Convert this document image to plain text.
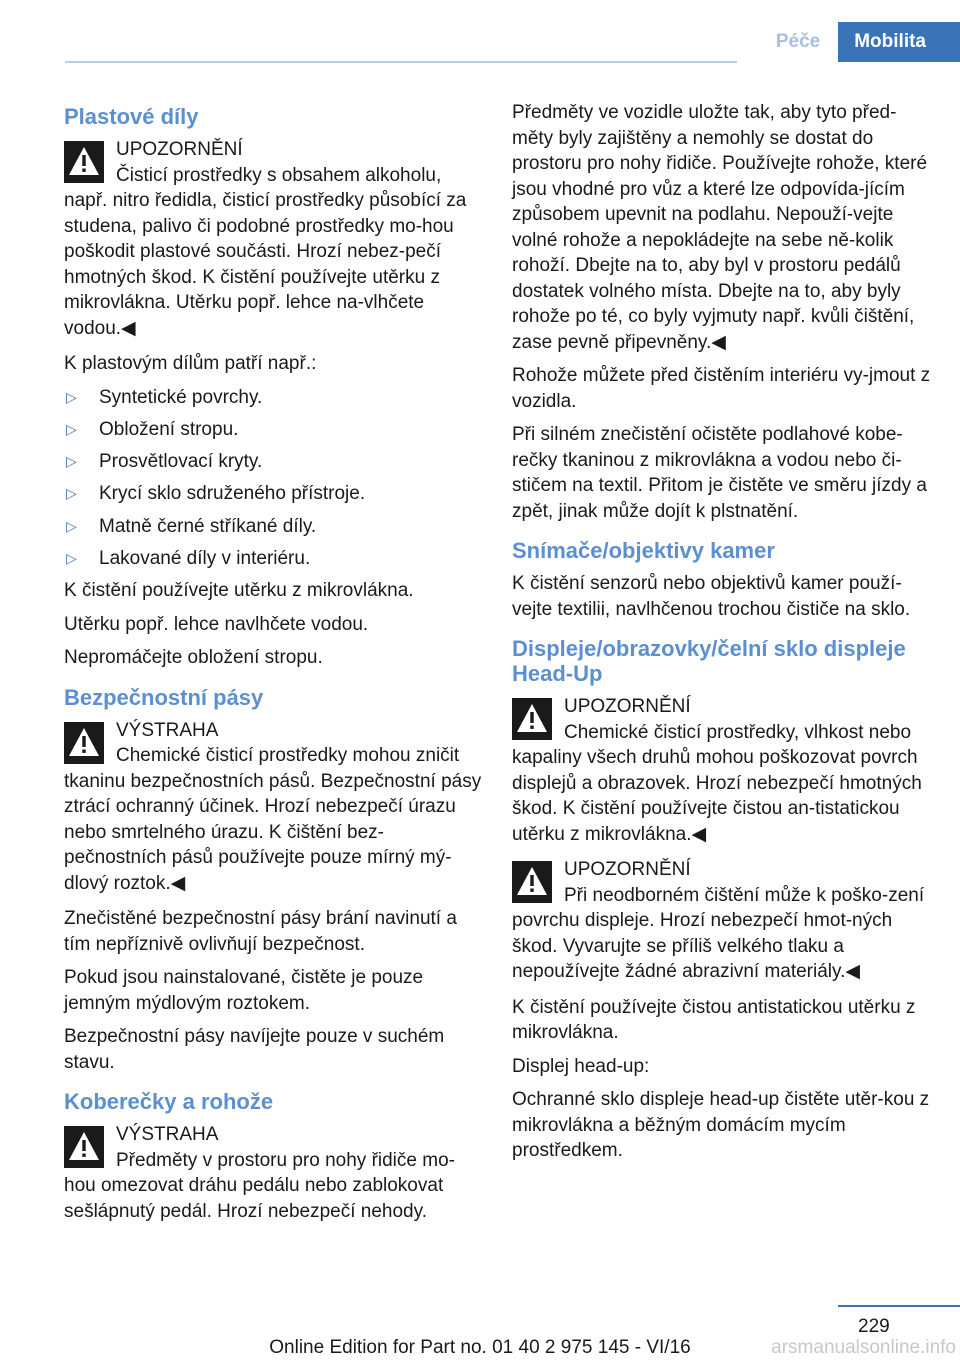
Péče	Mobilita
Plastové díly
UPOZORNĚNÍ
Čisticí prostředky s obsahem alkoholu, např. nitro ředidla, čisticí prostředky působící za studena, palivo či podobné prostředky mo-hou poškodit plastové součásti. Hrozí nebez-pečí hmotných škod. K čistění používejte utěrku z mikrovlákna. Utěrku popř. lehce na-vlhčete vodou.◀

K plastovým dílům patří např.:

▷ Syntetické povrchy.
▷ Obložení stropu.
▷ Prosvětlovací kryty.
▷ Krycí sklo sdruženého přístroje.
▷ Matně černé stříkané díly.
▷ Lakované díly v interiéru.

K čistění používejte utěrku z mikrovlákna.

Utěrku popř. lehce navlhčete vodou.

Nepromáčejte obložení stropu.

Bezpečnostní pásy
VÝSTRAHA
Chemické čisticí prostředky mohou zničit tkaninu bezpečnostních pásů. Bezpečnostní pásy ztrácí ochranný účinek. Hrozí nebezpečí úrazu nebo smrtelného úrazu. K čištění bez-pečnostních pásů používejte pouze mírný mý-dlový roztok.◀

Znečistěné bezpečnostní pásy brání navinutí a tím nepříznivě ovlivňují bezpečnost.

Pokud jsou nainstalované, čistěte je pouze jemným mýdlovým roztokem.

Bezpečnostní pásy navíjejte pouze v suchém stavu.

Koberečky a rohože
VÝSTRAHA
Předměty v prostoru pro nohy řidiče mo-hou omezovat dráhu pedálu nebo zablokovat sešlápnutý pedál. Hrozí nebezpečí nehody.

Předměty ve vozidle uložte tak, aby tyto před-měty byly zajištěny a nemohly se dostat do prostoru pro nohy řidiče. Používejte rohože, které jsou vhodné pro vůz a které lze odpovída-jícím způsobem upevnit na podlahu. Nepouží-vejte volné rohože a nepokládejte na sebe ně-kolik rohoží. Dbejte na to, aby byl v prostoru pedálů dostatek volného místa. Dbejte na to, aby byly rohože po té, co byly vyjmuty např. kvůli čištění, zase pevně připevněny.◀

Rohože můžete před čistěním interiéru vy-jmout z vozidla.

Při silném znečistění očistěte podlahové kobe-rečky tkaninou z mikrovlákna a vodou nebo či-stičem na textil. Přitom je čistěte ve směru jízdy a zpět, jinak může dojít k plstnatění.

Snímače/objektivy kamer

K čistění senzorů nebo objektivů kamer použí-vejte textilii, navlhčenou trochou čističe na sklo.

Displeje/obrazovky/čelní sklo displeje Head-Up
UPOZORNĚNÍ
Chemické čisticí prostředky, vlhkost nebo kapaliny všech druhů mohou poškozovat povrch displejů a obrazovek. Hrozí nebezpečí hmotných škod. K čistění používejte čistou an-tistatickou utěrku z mikrovlákna.◀
UPOZORNĚNÍ
Při neodborném čištění může k poško-zení povrchu displeje. Hrozí nebezpečí hmot-ných škod. Vyvarujte se příliš velkého tlaku a nepoužívejte žádné abrazivní materiály.◀

K čistění používejte čistou antistatickou utěrku z mikrovlákna.

Displej head-up:

Ochranné sklo displeje head-up čistěte utěr-kou z mikrovlákna a běžným domácím mycím prostředkem.

229
Online Edition for Part no. 01 40 2 975 145 - VI/16	arsmanualsonline.info
